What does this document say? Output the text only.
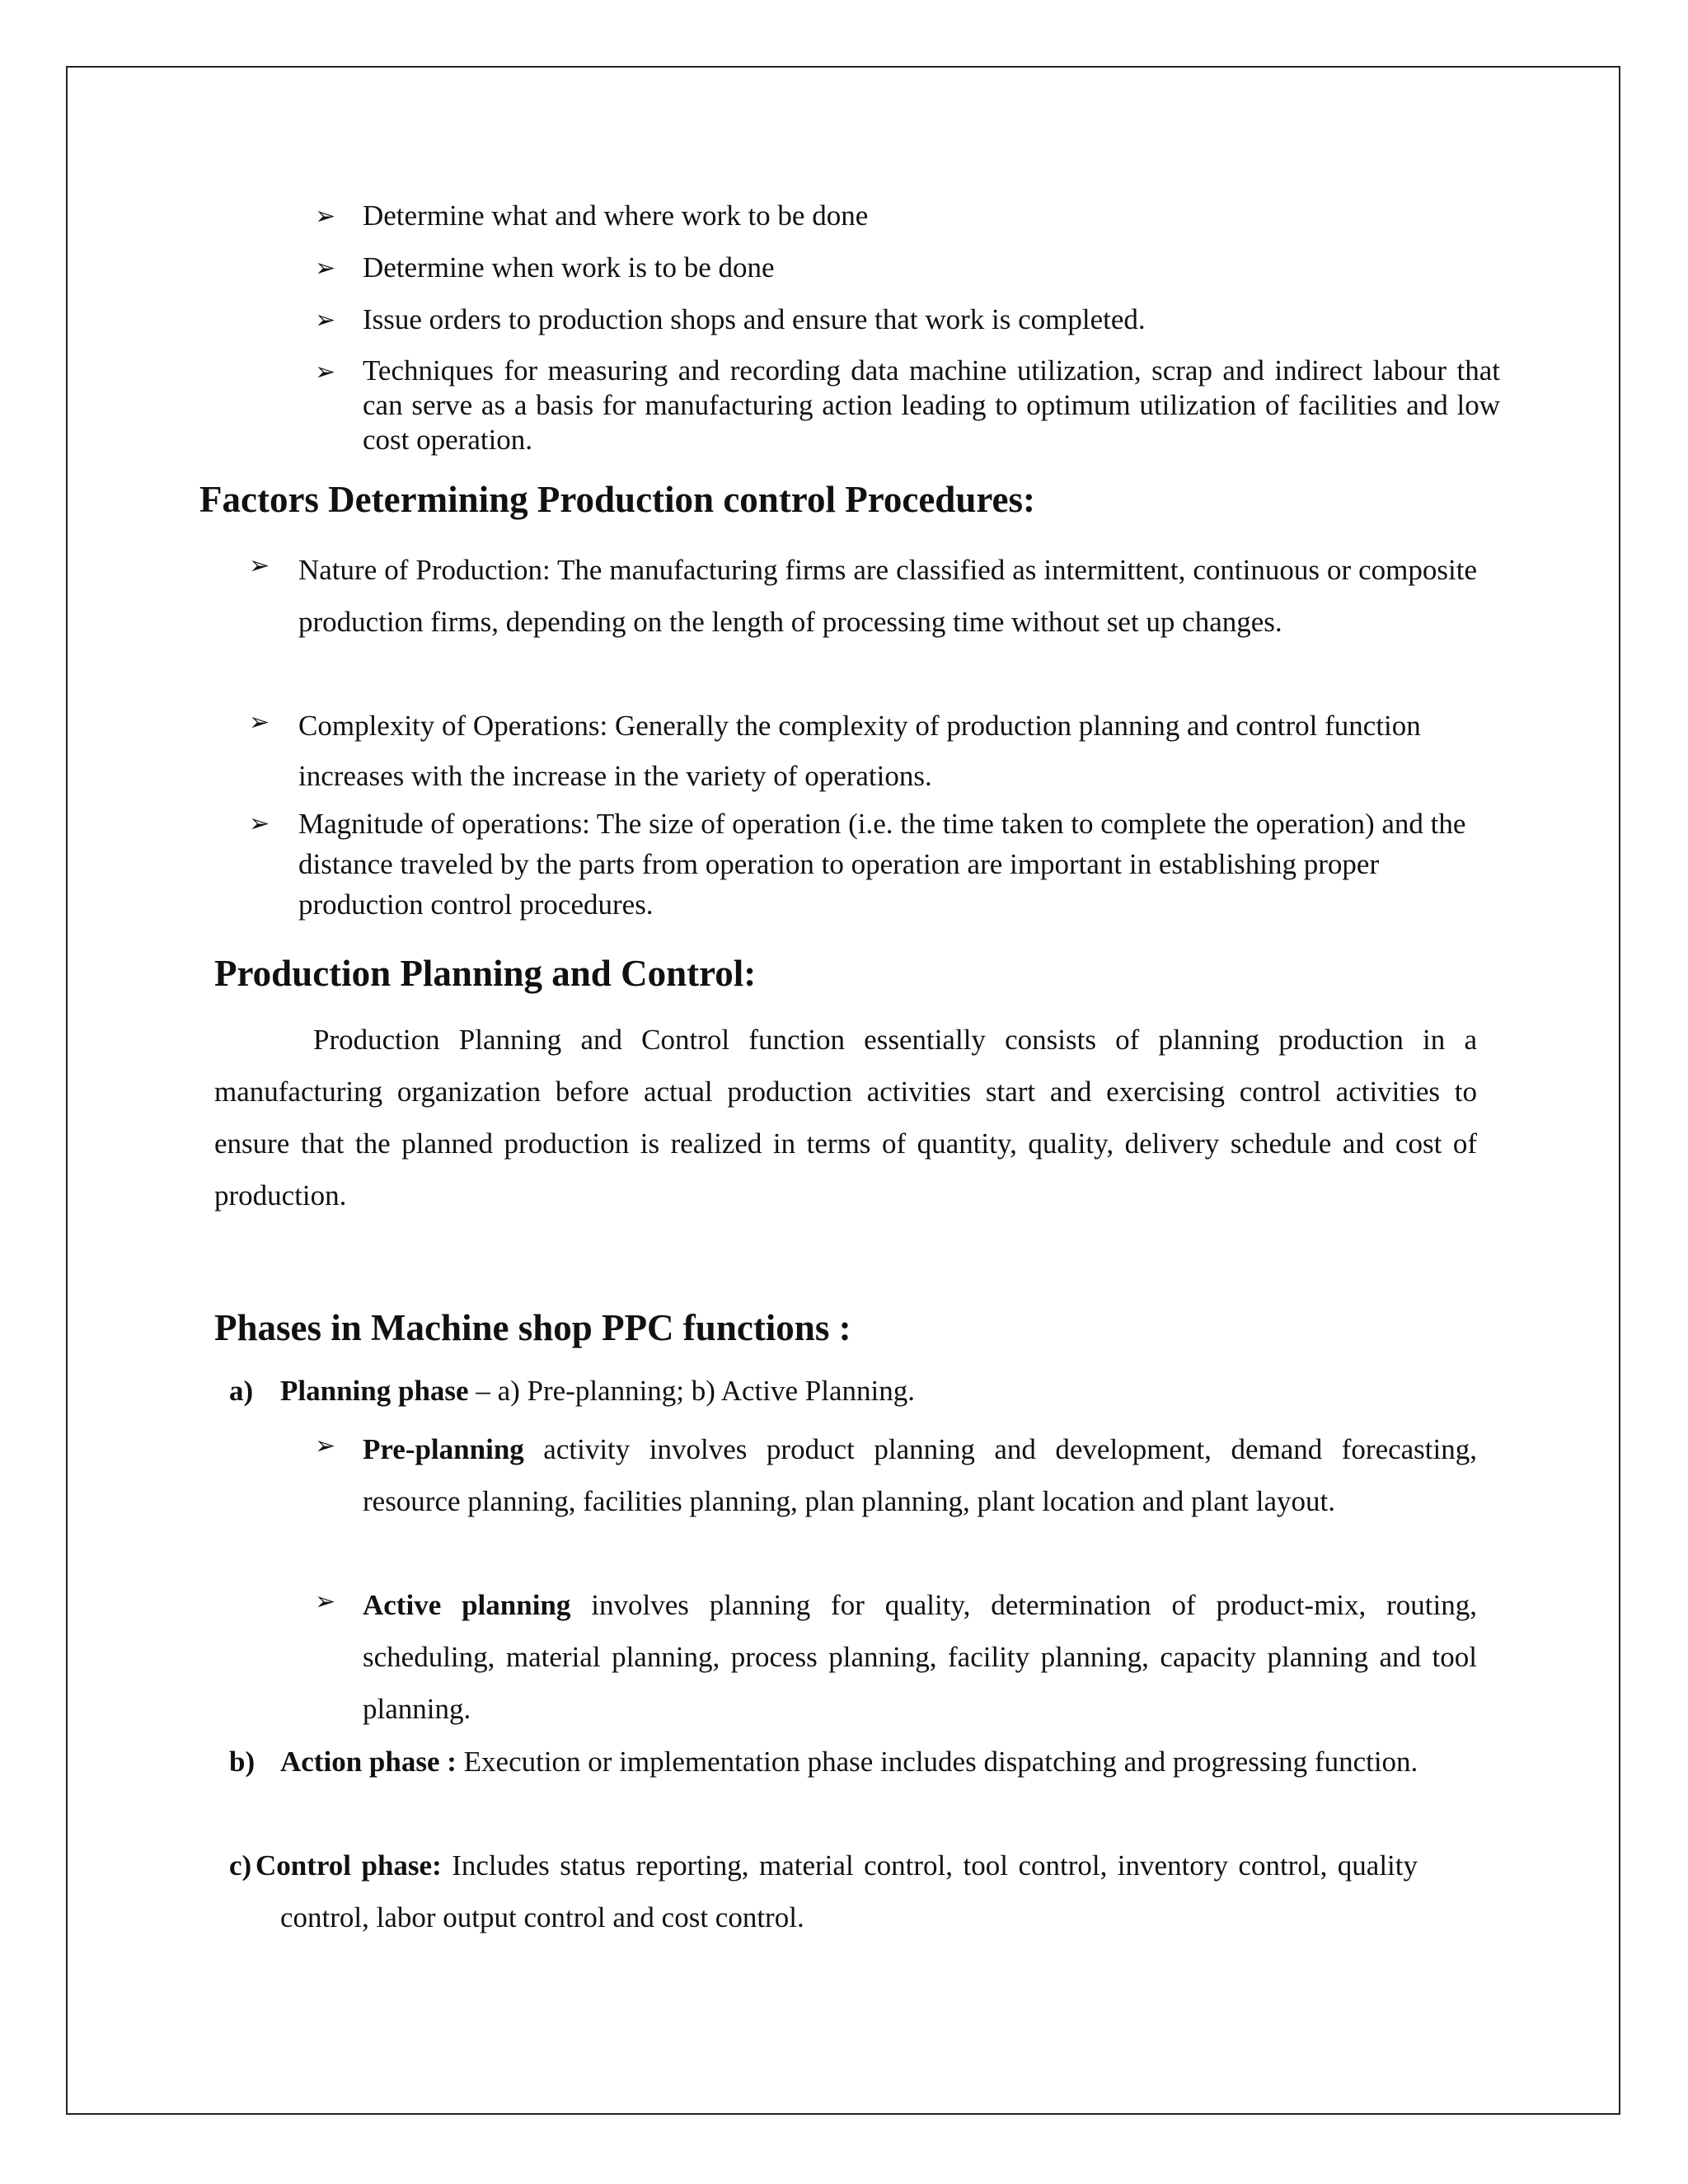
➢ Determine what and where work to be done
➢ Determine when work is to be done
➢ Issue orders to production shops and ensure that work is completed.
➢ Techniques for measuring and recording data machine utilization, scrap and indirect labour that can serve as a basis for manufacturing action leading to optimum utilization of facilities and low cost operation.
Factors Determining Production control Procedures:
➢ Nature of Production: The manufacturing firms are classified as intermittent, continuous or composite production firms, depending on the length of processing time without set up changes.
➢ Complexity of Operations: Generally the complexity of production planning and control function increases with the increase in the variety of operations.
➢ Magnitude of operations: The size of operation (i.e. the time taken to complete the operation) and the distance traveled by the parts from operation to operation are important in establishing proper production control procedures.
Production Planning and Control:
Production Planning and Control function essentially consists of planning production in a manufacturing organization before actual production activities start and exercising control activities to ensure that the planned production is realized in terms of quantity, quality, delivery schedule and cost of production.
Phases in Machine shop PPC functions :
a) Planning phase – a) Pre-planning; b) Active Planning.
➢ Pre-planning activity involves product planning and development, demand forecasting, resource planning, facilities planning, plan planning, plant location and plant layout.
➢ Active planning involves planning for quality, determination of product-mix, routing, scheduling, material planning, process planning, facility planning, capacity planning and tool planning.
b) Action phase : Execution or implementation phase includes dispatching and progressing function.
c) Control phase: Includes status reporting, material control, tool control, inventory control, quality control, labor output control and cost control.
